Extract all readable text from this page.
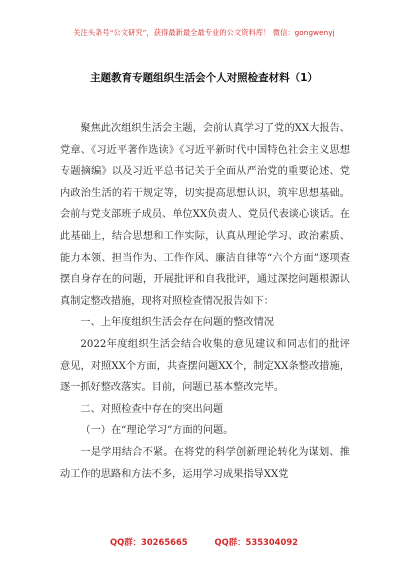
关注头条号“公文研究”，获得最新最全最专业的公文资料库！ 微信：gongwenyj
主题教育专题组织生活会个人对照检查材料（1）

聚焦此次组织生活会主题，会前认真学习了党的XX大报告、党章、《习近平著作选读》《习近平新时代中国特色社会主义思想专题摘编》以及习近平总书记关于全面从严治党的重要论述、党内政治生活的若干规定等，切实提高思想认识，筑牢思想基础。会前与党支部班子成员、单位XX负责人、党员代表谈心谈话。在此基础上，结合思想和工作实际，认真从理论学习、政治素质、能力本领、担当作为、工作作风、廉洁自律等“六个方面”逐项查摆自身存在的问题，开展批评和自我批评，通过深挖问题根源认真制定整改措施，现将对照检查情况报告如下：

一、上年度组织生活会存在问题的整改情况

2022年度组织生活会结合收集的意见建议和同志们的批评意见，对照XX个方面，共查摆问题XX个，制定XX条整改措施，逐一抓好整改落实。目前，问题已基本整改完毕。

二、对照检查中存在的突出问题

（一）在“理论学习”方面的问题。

一是学用结合不紧。在将党的科学创新理论转化为谋划、推动工作的思路和方法不多，运用学习成果指导XX党

QQ群：30265665	QQ群：535304092
